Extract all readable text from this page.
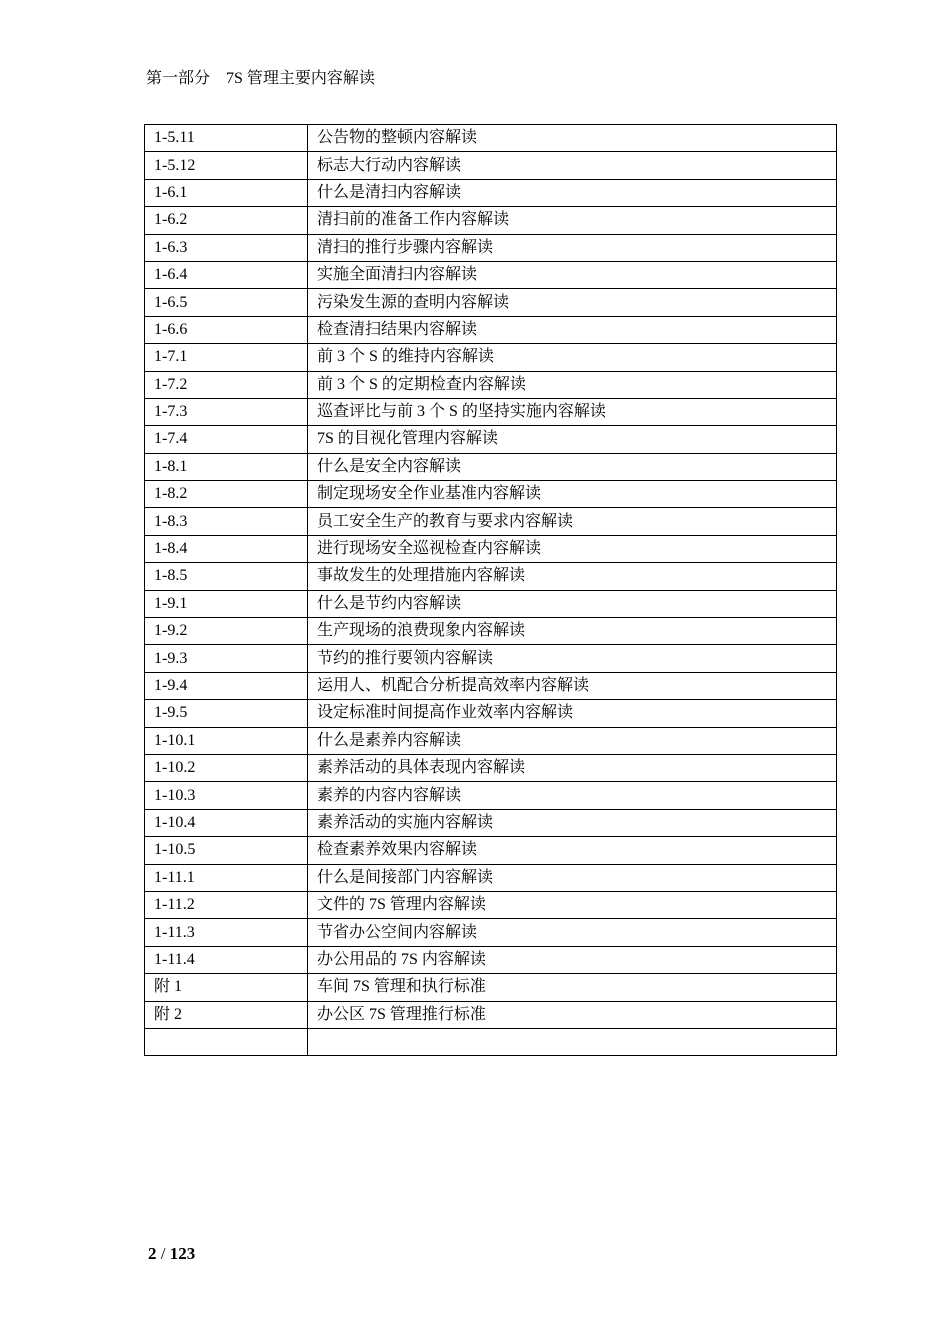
第一部分 7S 管理主要内容解读
1-5.11	公告物的整顿内容解读
1-5.12	标志大行动内容解读
1-6.1	什么是清扫内容解读
1-6.2	清扫前的准备工作内容解读
1-6.3	清扫的推行步骤内容解读
1-6.4	实施全面清扫内容解读
1-6.5	污染发生源的查明内容解读
1-6.6	检查清扫结果内容解读
1-7.1	前 3 个 S 的维持内容解读
1-7.2	前 3 个 S 的定期检查内容解读
1-7.3	巡查评比与前 3 个 S 的坚持实施内容解读
1-7.4	7S 的目视化管理内容解读
1-8.1	什么是安全内容解读
1-8.2	制定现场安全作业基准内容解读
1-8.3	员工安全生产的教育与要求内容解读
1-8.4	进行现场安全巡视检查内容解读
1-8.5	事故发生的处理措施内容解读
1-9.1	什么是节约内容解读
1-9.2	生产现场的浪费现象内容解读
1-9.3	节约的推行要领内容解读
1-9.4	运用人、机配合分析提高效率内容解读
1-9.5	设定标准时间提高作业效率内容解读
1-10.1	什么是素养内容解读
1-10.2	素养活动的具体表现内容解读
1-10.3	素养的内容内容解读
1-10.4	素养活动的实施内容解读
1-10.5	检查素养效果内容解读
1-11.1	什么是间接部门内容解读
1-11.2	文件的 7S 管理内容解读
1-11.3	节省办公空间内容解读
1-11.4	办公用品的 7S 内容解读
附 1	车间 7S 管理和执行标准
附 2	办公区 7S 管理推行标准

2 / 123
